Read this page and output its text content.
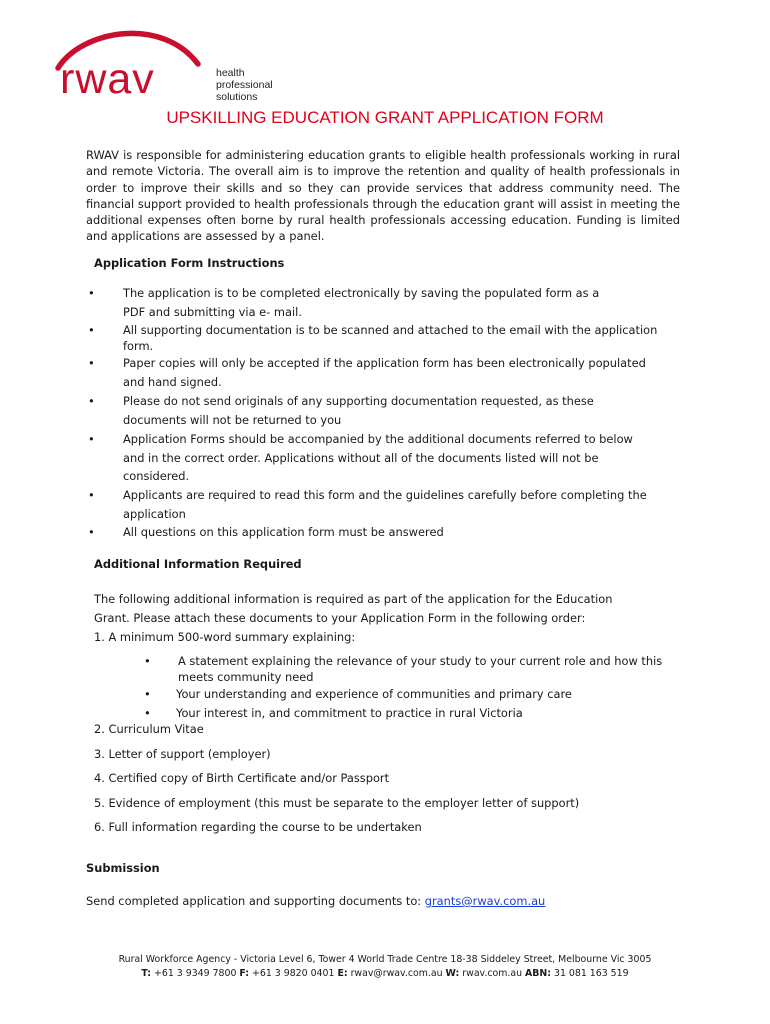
rwav	health
professional
solutions
UPSKILLING EDUCATION GRANT APPLICATION FORM

RWAV is responsible for administering education grants to eligible health professionals working in rural and remote Victoria. The overall aim is to improve the retention and quality of health professionals in order to improve their skills and so they can provide services that address community need. The financial support provided to health professionals through the education grant will assist in meeting the additional expenses often borne by rural health professionals accessing education. Funding is limited and applications are assessed by a panel.

Application Form Instructions
• The application is to be completed electronically by saving the populated form as a
PDF and submitting via e- mail.
• All supporting documentation is to be scanned and attached to the email with the application
form.
• Paper copies will only be accepted if the application form has been electronically populated
and hand signed.
• Please do not send originals of any supporting documentation requested, as these
documents will not be returned to you
• Application Forms should be accompanied by the additional documents referred to below
and in the correct order. Applications without all of the documents listed will not be
considered.
• Applicants are required to read this form and the guidelines carefully before completing the
application
• All questions on this application form must be answered
Additional Information Required
The following additional information is required as part of the application for the Education
Grant. Please attach these documents to your Application Form in the following order:
1. A minimum 500-word summary explaining:
• A statement explaining the relevance of your study to your current role and how this
meets community need
• Your understanding and experience of communities and primary care
• Your interest in, and commitment to practice in rural Victoria
2. Curriculum Vitae
3. Letter of support (employer)
4. Certified copy of Birth Certificate and/or Passport
5. Evidence of employment (this must be separate to the employer letter of support)
6. Full information regarding the course to be undertaken
Submission
Send completed application and supporting documents to: grants@rwav.com.au
Rural Workforce Agency - Victoria Level 6, Tower 4 World Trade Centre 18-38 Siddeley Street, Melbourne Vic 3005
T: +61 3 9349 7800 F: +61 3 9820 0401 E: rwav@rwav.com.au W: rwav.com.au ABN: 31 081 163 519
